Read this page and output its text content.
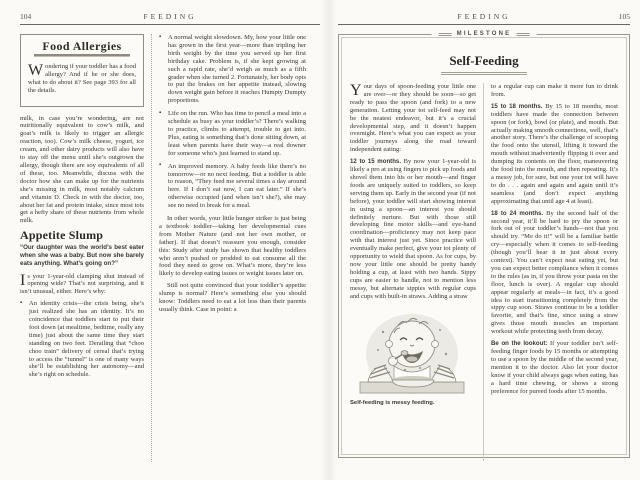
104	FEEDING
Food Allergies

Wondering if your toddler has a food allergy? And if he or she does, what to do about it? See page 393 for all the details.

milk, in case you’re wondering, are not nutritionally equivalent to cow’s milk, and goat’s milk is likely to trigger an allergic reaction, too). Cow’s milk cheese, yogurt, ice cream, and other dairy products will also have to stay off the menu until she’s outgrown the allergy, though there are soy equivalents of all of these, too. Meanwhile, discuss with the doctor how she can make up for the nutrients she’s missing in milk, most notably calcium and vitamin D. Check in with the doctor, too, about her fat and protein intake, since most tots get a hefty share of these nutrients from whole milk.

Appetite Slump

“Our daughter was the world’s best eater when she was a baby. But now she barely eats anything. What’s going on?”

Is your 1-year-old clamping shut instead of opening wide? That’s not surprising, and it isn’t unusual, either. Here’s why:

▪ An identity crisis—the crisis being, she’s just realized she has an identity. It’s no coincidence that toddlers start to put their foot down (at mealtime, bedtime, really any time) just about the same time they start standing on two feet. Derailing that “choo choo train” delivery of cereal that’s trying to access the “tunnel” is one of many ways she’ll be establishing her autonomy—and she’s right on schedule.
▪ A normal weight slowdown. My, how your little one has grown in the first year—more than tripling her birth weight by the time you served up her first birthday cake. Problem is, if she kept growing at such a rapid rate, she’d weigh as much as a fifth grader when she turned 2. Fortunately, her body opts to put the brakes on her appetite instead, slowing down weight gain before it reaches Humpty Dumpty proportions.
▪ Life on the run. Who has time to pencil a meal into a schedule as busy as your toddler’s? There’s walking to practice, climbs to attempt, trouble to get into. Plus, eating is something that’s done sitting down, at least when parents have their way—a real downer for someone who’s just learned to stand up.
▪ An improved memory. A baby feeds like there’s no tomorrow—or no next feeding. But a toddler is able to reason, “They feed me several times a day around here. If I don’t eat now, I can eat later.” If she’s otherwise occupied (and when isn’t she?), she may see no need to break for a meal.

In other words, your little hunger striker is just being a textbook toddler—taking her developmental cues from Mother Nature (and not her own mother, or father). If that doesn’t reassure you enough, consider this: Study after study has shown that healthy toddlers who aren’t pushed or prodded to eat consume all the food they need to grow on. What’s more, they’re less likely to develop eating issues or weight issues later on.

Still not quite convinced that your toddler’s appetite slump is normal? Here’s something else you should know: Toddlers need to eat a lot less than their parents usually think. Case in point: a

FEEDING	105
MILESTONE
Self-Feeding

Your days of spoon-feeding your little one are over—or they should be soon—so get ready to pass the spoon (and fork) to a new generation. Letting your tot self-feed may not be the neatest endeavor, but it’s a crucial developmental step, and it doesn’t happen overnight. Here’s what you can expect as your toddler journeys along the road toward independent eating:

12 to 15 months. By now your 1-year-old is likely a pro at using fingers to pick up foods and shovel them into his or her mouth—and finger foods are uniquely suited to toddlers, so keep serving them up. Early in the second year (if not before), your toddler will start showing interest in using a spoon—an interest you should definitely nurture. But with those still developing fine motor skills—and eye-hand coordination—proficiency may not keep pace with that interest just yet. Since practice will eventually make perfect, give your tot plenty of opportunity to wield that spoon. As for cups, by now your little one should be pretty handy holding a cup, at least with two hands. Sippy cups are easier to handle, not to mention less messy, but alternate sippies with regular cups and cups with built-in straws. Adding a straw

Self-feeding is messy feeding.

to a regular cup can make it more fun to drink from.

15 to 18 months. By 15 to 18 months, most toddlers have made the connection between spoon (or fork), bowl (or plate), and mouth. But actually making smooth connections, well, that’s another story. There’s the challenge of scooping the food onto the utensil, lifting it toward the mouth without inadvertently flipping it over and dumping its contents on the floor, maneuvering the food into the mouth, and then repeating. It’s a messy job, for sure, but one your tot will have to do . . . again and again and again until it’s seamless (and don’t expect anything approximating that until age 4 at least).

18 to 24 months. By the second half of the second year, it’ll be hard to pry the spoon or fork out of your toddler’s hands—not that you should try. “Me do it!” will be a familiar battle cry—especially when it comes to self-feeding (though you’ll hear it in just about every context). You can’t expect neat eating yet, but you can expect better compliance when it comes to the rules (as in, if you throw your pasta on the floor, lunch is over). A regular cup should appear regularly at meals—in fact, it’s a good idea to start transitioning completely from the sippy cup soon. Straws continue to be a toddler favorite, and that’s fine, since using a straw gives those mouth muscles an important workout while protecting teeth from decay.

Be on the lookout: If your toddler isn’t self-feeding finger foods by 15 months or attempting to use a spoon by the middle of the second year, mention it to the doctor. Also let your doctor know if your child always gags when eating, has a hard time chewing, or shows a strong preference for pureed foods after 15 months.
